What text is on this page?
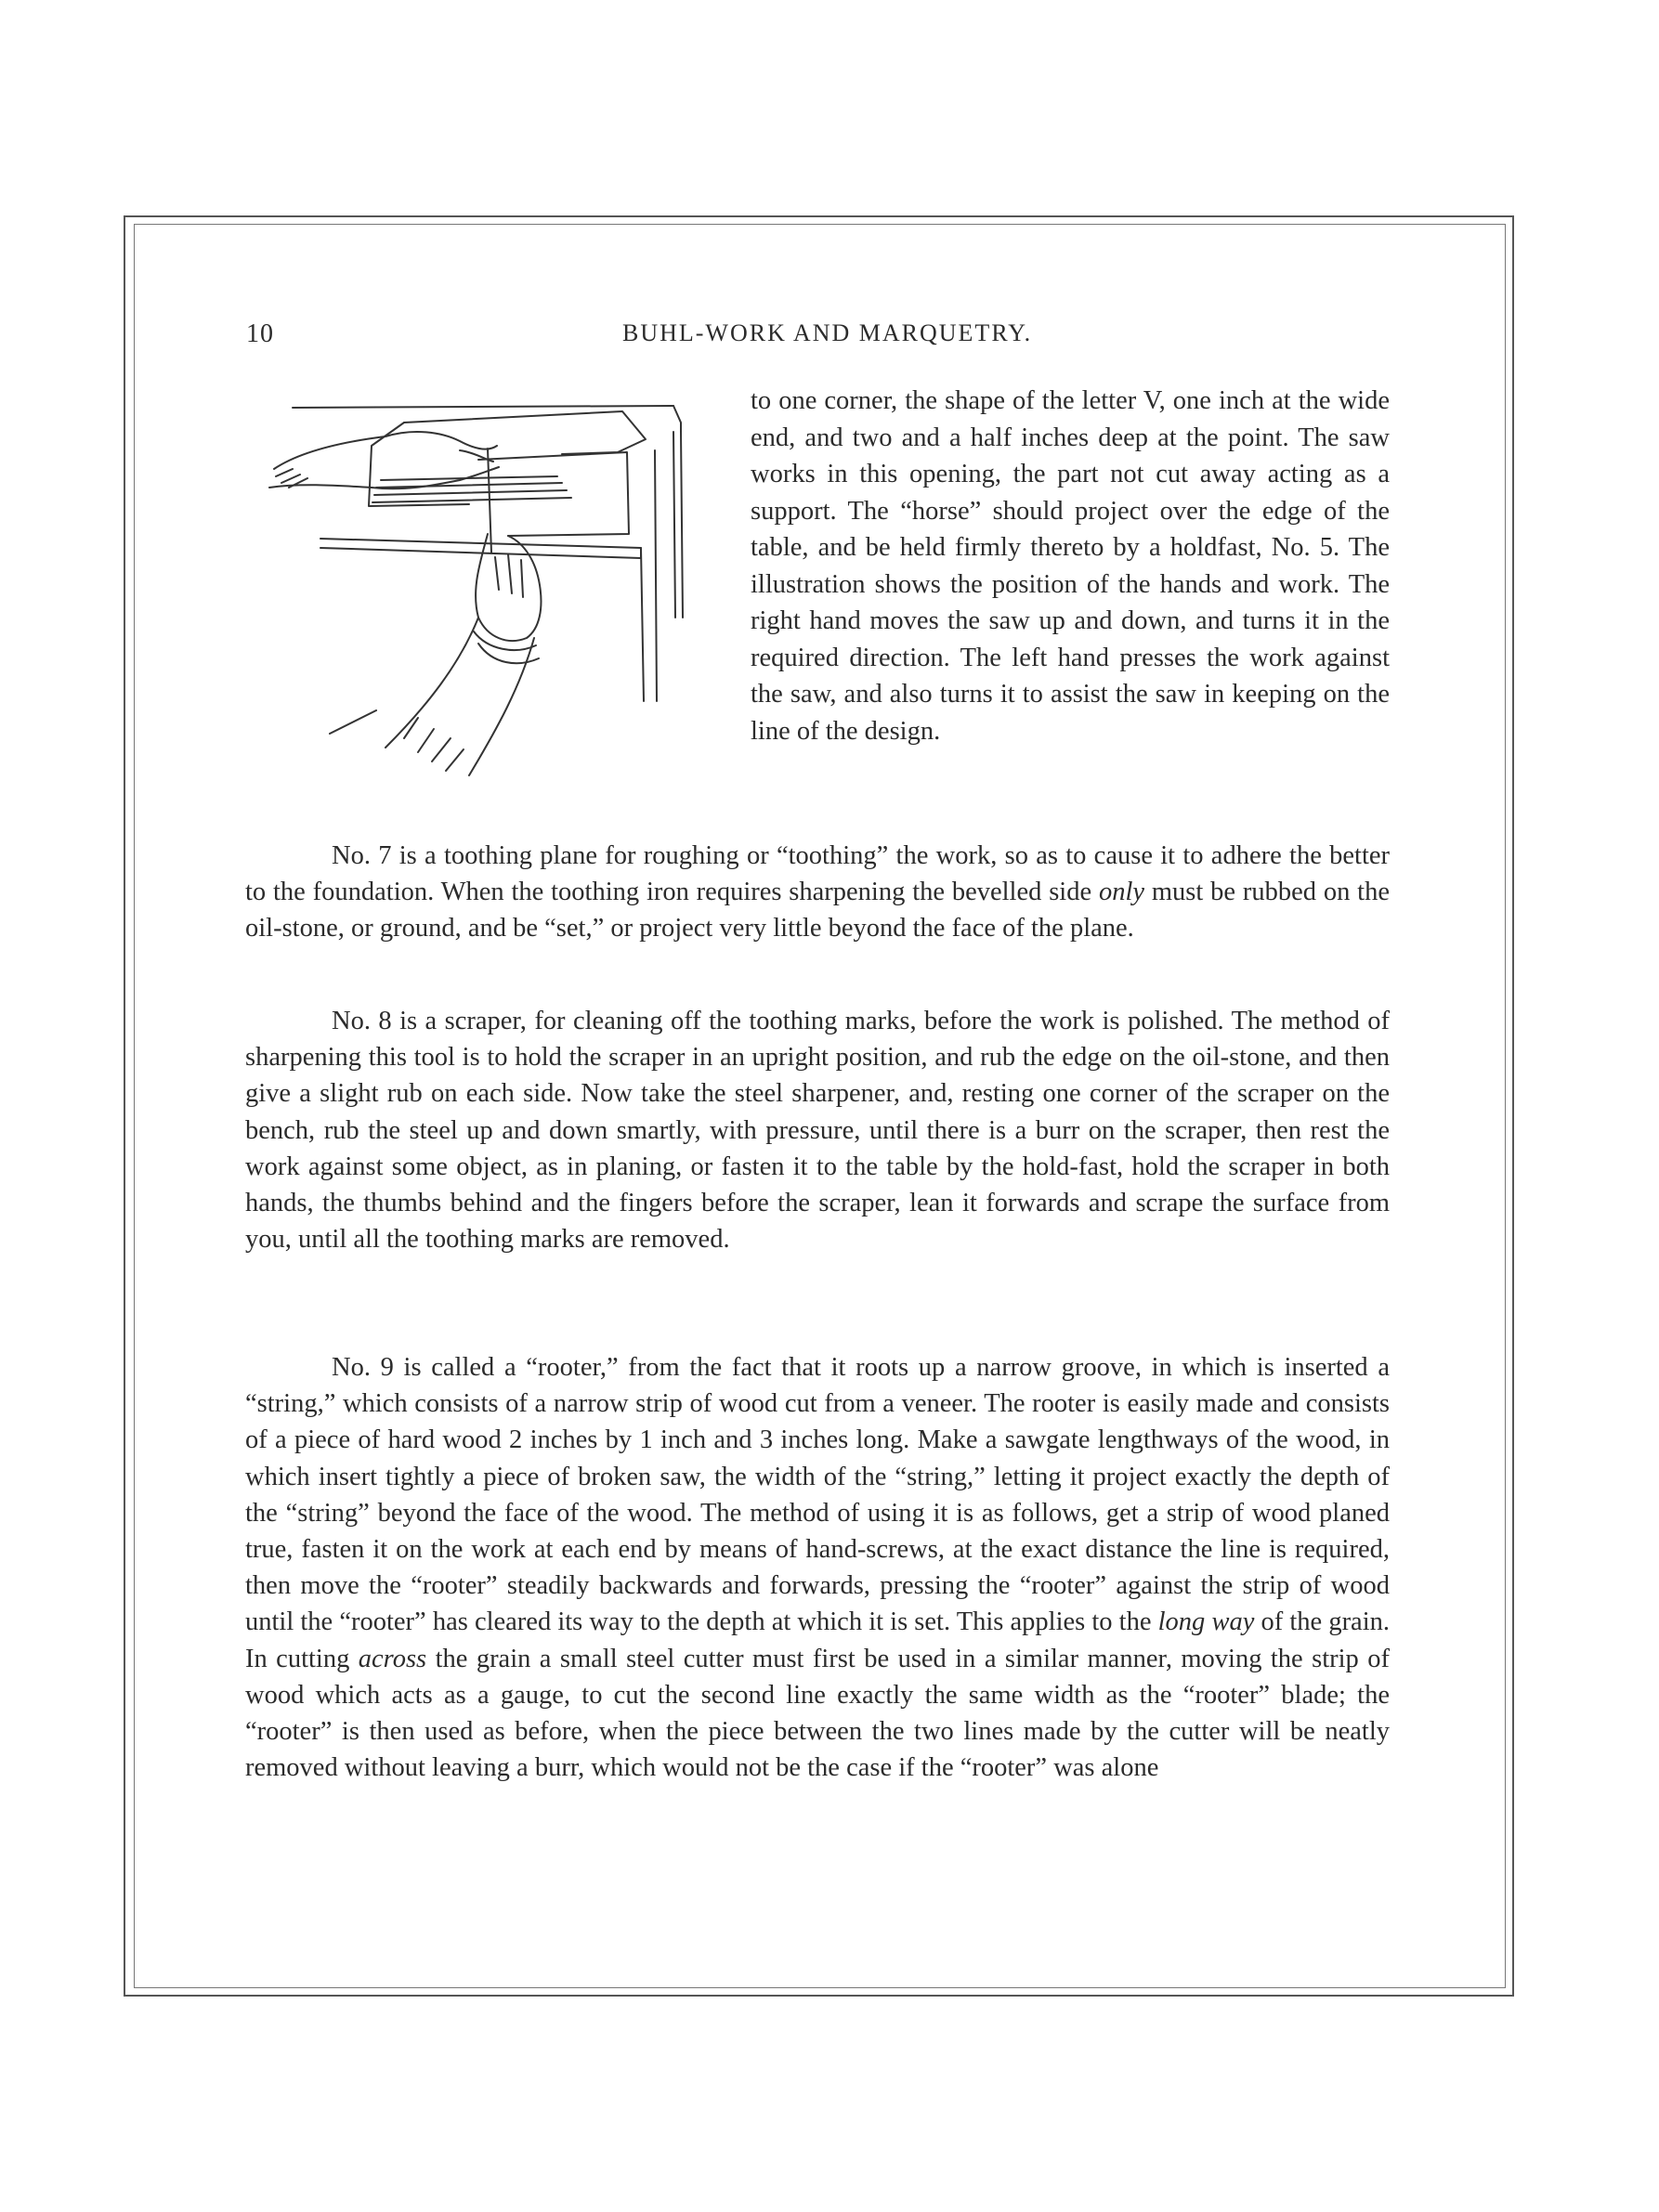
10	BUHL-WORK AND MARQUETRY.

to one corner, the shape of the letter V, one inch at the wide end, and two and a half inches deep at the point. The saw works in this opening, the part not cut away acting as a support. The “horse” should project over the edge of the table, and be held firmly thereto by a holdfast, No. 5. The illustration shows the position of the hands and work. The right hand moves the saw up and down, and turns it in the required direction. The left hand presses the work against the saw, and also turns it to assist the saw in keeping on the line of the design.

No. 7 is a toothing plane for roughing or “toothing” the work, so as to cause it to adhere the better to the foundation. When the toothing iron requires sharpening the bevelled side only must be rubbed on the oil-stone, or ground, and be “set,” or project very little beyond the face of the plane.

No. 8 is a scraper, for cleaning off the toothing marks, before the work is polished. The method of sharpening this tool is to hold the scraper in an upright position, and rub the edge on the oil-stone, and then give a slight rub on each side. Now take the steel sharpener, and, resting one corner of the scraper on the bench, rub the steel up and down smartly, with pressure, until there is a burr on the scraper, then rest the work against some object, as in planing, or fasten it to the table by the hold-fast, hold the scraper in both hands, the thumbs behind and the fingers before the scraper, lean it forwards and scrape the surface from you, until all the toothing marks are removed.

No. 9 is called a “rooter,” from the fact that it roots up a narrow groove, in which is inserted a “string,” which consists of a narrow strip of wood cut from a veneer. The rooter is easily made and consists of a piece of hard wood 2 inches by 1 inch and 3 inches long. Make a sawgate lengthways of the wood, in which insert tightly a piece of broken saw, the width of the “string,” letting it project exactly the depth of the “string” beyond the face of the wood. The method of using it is as follows, get a strip of wood planed true, fasten it on the work at each end by means of hand-screws, at the exact distance the line is required, then move the “rooter” steadily backwards and forwards, pressing the “rooter” against the strip of wood until the “rooter” has cleared its way to the depth at which it is set. This applies to the long way of the grain. In cutting across the grain a small steel cutter must first be used in a similar manner, moving the strip of wood which acts as a gauge, to cut the second line exactly the same width as the “rooter” blade; the “rooter” is then used as before, when the piece between the two lines made by the cutter will be neatly removed without leaving a burr, which would not be the case if the “rooter” was alone
